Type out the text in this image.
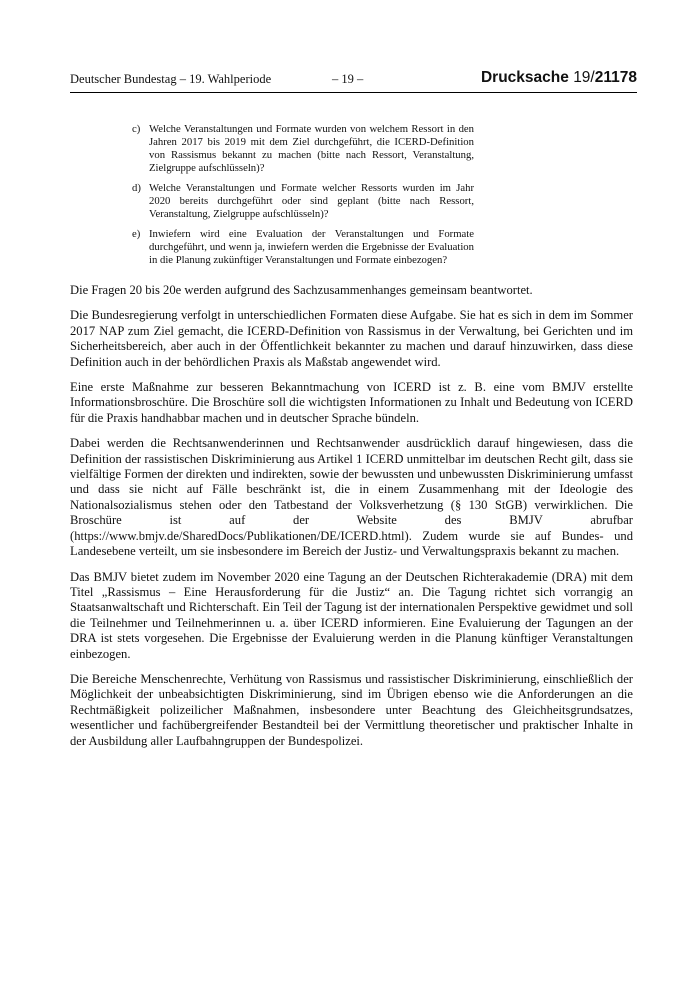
Deutscher Bundestag – 19. Wahlperiode	– 19 –	Drucksache 19/21178
c) Welche Veranstaltungen und Formate wurden von welchem Ressort in den Jahren 2017 bis 2019 mit dem Ziel durchgeführt, die ICERD-Definition von Rassismus bekannt zu machen (bitte nach Ressort, Veranstaltung, Zielgruppe aufschlüsseln)?
d) Welche Veranstaltungen und Formate welcher Ressorts wurden im Jahr 2020 bereits durchgeführt oder sind geplant (bitte nach Ressort, Veranstaltung, Zielgruppe aufschlüsseln)?
e) Inwiefern wird eine Evaluation der Veranstaltungen und Formate durchgeführt, und wenn ja, inwiefern werden die Ergebnisse der Evaluation in die Planung zukünftiger Veranstaltungen und Formate einbezogen?

Die Fragen 20 bis 20e werden aufgrund des Sachzusammenhanges gemeinsam beantwortet.

Die Bundesregierung verfolgt in unterschiedlichen Formaten diese Aufgabe. Sie hat es sich in dem im Sommer 2017 NAP zum Ziel gemacht, die ICERD-Definition von Rassismus in der Verwaltung, bei Gerichten und im Sicherheitsbereich, aber auch in der Öffentlichkeit bekannter zu machen und darauf hinzuwirken, dass diese Definition auch in der behördlichen Praxis als Maßstab angewendet wird.

Eine erste Maßnahme zur besseren Bekanntmachung von ICERD ist z. B. eine vom BMJV erstellte Informationsbroschüre. Die Broschüre soll die wichtigsten Informationen zu Inhalt und Bedeutung von ICERD für die Praxis handhabbar machen und in deutscher Sprache bündeln.

Dabei werden die Rechtsanwenderinnen und Rechtsanwender ausdrücklich darauf hingewiesen, dass die Definition der rassistischen Diskriminierung aus Artikel 1 ICERD unmittelbar im deutschen Recht gilt, dass sie vielfältige Formen der direkten und indirekten, sowie der bewussten und unbewussten Diskriminierung umfasst und dass sie nicht auf Fälle beschränkt ist, die in einem Zusammenhang mit der Ideologie des Nationalsozialismus stehen oder den Tatbestand der Volksverhetzung (§ 130 StGB) verwirklichen. Die Broschüre ist auf der Website des BMJV abrufbar (https://www.bmjv.de/SharedDocs/Publikationen/DE/ICERD.html). Zudem wurde sie auf Bundes- und Landesebene verteilt, um sie insbesondere im Bereich der Justiz- und Verwaltungspraxis bekannt zu machen.

Das BMJV bietet zudem im November 2020 eine Tagung an der Deutschen Richterakademie (DRA) mit dem Titel „Rassismus – Eine Herausforderung für die Justiz“ an. Die Tagung richtet sich vorrangig an Staatsanwaltschaft und Richterschaft. Ein Teil der Tagung ist der internationalen Perspektive gewidmet und soll die Teilnehmer und Teilnehmerinnen u. a. über ICERD informieren. Eine Evaluierung der Tagungen an der DRA ist stets vorgesehen. Die Ergebnisse der Evaluierung werden in die Planung künftiger Veranstaltungen einbezogen.

Die Bereiche Menschenrechte, Verhütung von Rassismus und rassistischer Diskriminierung, einschließlich der Möglichkeit der unbeabsichtigten Diskriminierung, sind im Übrigen ebenso wie die Anforderungen an die Rechtmäßigkeit polizeilicher Maßnahmen, insbesondere unter Beachtung des Gleichheitsgrundsatzes, wesentlicher und fachübergreifender Bestandteil bei der Vermittlung theoretischer und praktischer Inhalte in der Ausbildung aller Laufbahngruppen der Bundespolizei.
